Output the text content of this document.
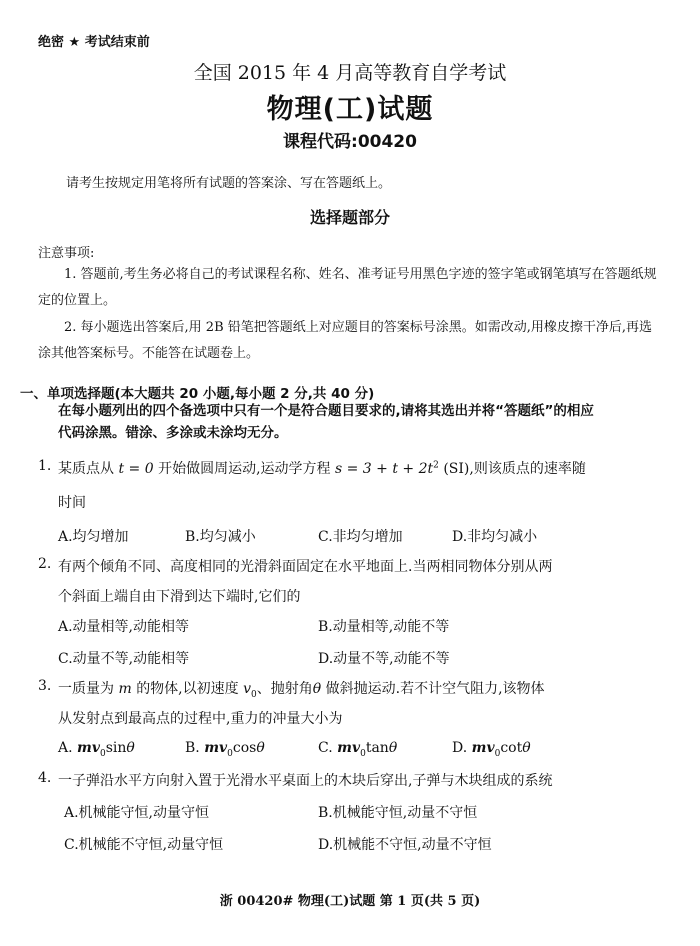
绝密 ★ 考试结束前
全国 2015 年 4 月高等教育自学考试
物理(工)试题
课程代码:00420
请考生按规定用笔将所有试题的答案涂、写在答题纸上。
选择题部分
注意事项:
1. 答题前,考生务必将自己的考试课程名称、姓名、准考证号用黑色字迹的签字笔或钢笔填写在答题纸规定的位置上。
2. 每小题选出答案后,用 2B 铅笔把答题纸上对应题目的答案标号涂黑。如需改动,用橡皮擦干净后,再选涂其他答案标号。不能答在试题卷上。
一、单项选择题(本大题共 20 小题,每小题 2 分,共 40 分)
在每小题列出的四个备选项中只有一个是符合题目要求的,请将其选出并将“答题纸”的相应代码涂黑。错涂、多涂或未涂均无分。
1. 某质点从 t = 0 开始做圆周运动,运动学方程 $s = 3 + t + 2t^2$ (SI),则该质点的速率随
时间
A.均匀增加	B.均匀减小	C.非均匀增加	D.非均匀减小
2. 有两个倾角不同、高度相同的光滑斜面固定在水平地面上.当两相同物体分别从两
个斜面上端自由下滑到达下端时,它们的
A.动量相等,动能相等	B.动量相等,动能不等
C.动量不等,动能相等	D.动量不等,动能不等
3. 一质量为 m 的物体,以初速度 $v_0$、抛射角θ 做斜抛运动.若不计空气阻力,该物体
从发射点到最高点的过程中,重力的冲量大小为
A. $mv_0\sin\theta$	B. $mv_0\cos\theta$	C. $mv_0\tan\theta$	D. $mv_0\cot\theta$
4. 一子弹沿水平方向射入置于光滑水平桌面上的木块后穿出,子弹与木块组成的系统
A.机械能守恒,动量守恒	B.机械能守恒,动量不守恒
C.机械能不守恒,动量守恒	D.机械能不守恒,动量不守恒
浙 00420# 物理(工)试题 第 1 页(共 5 页)
